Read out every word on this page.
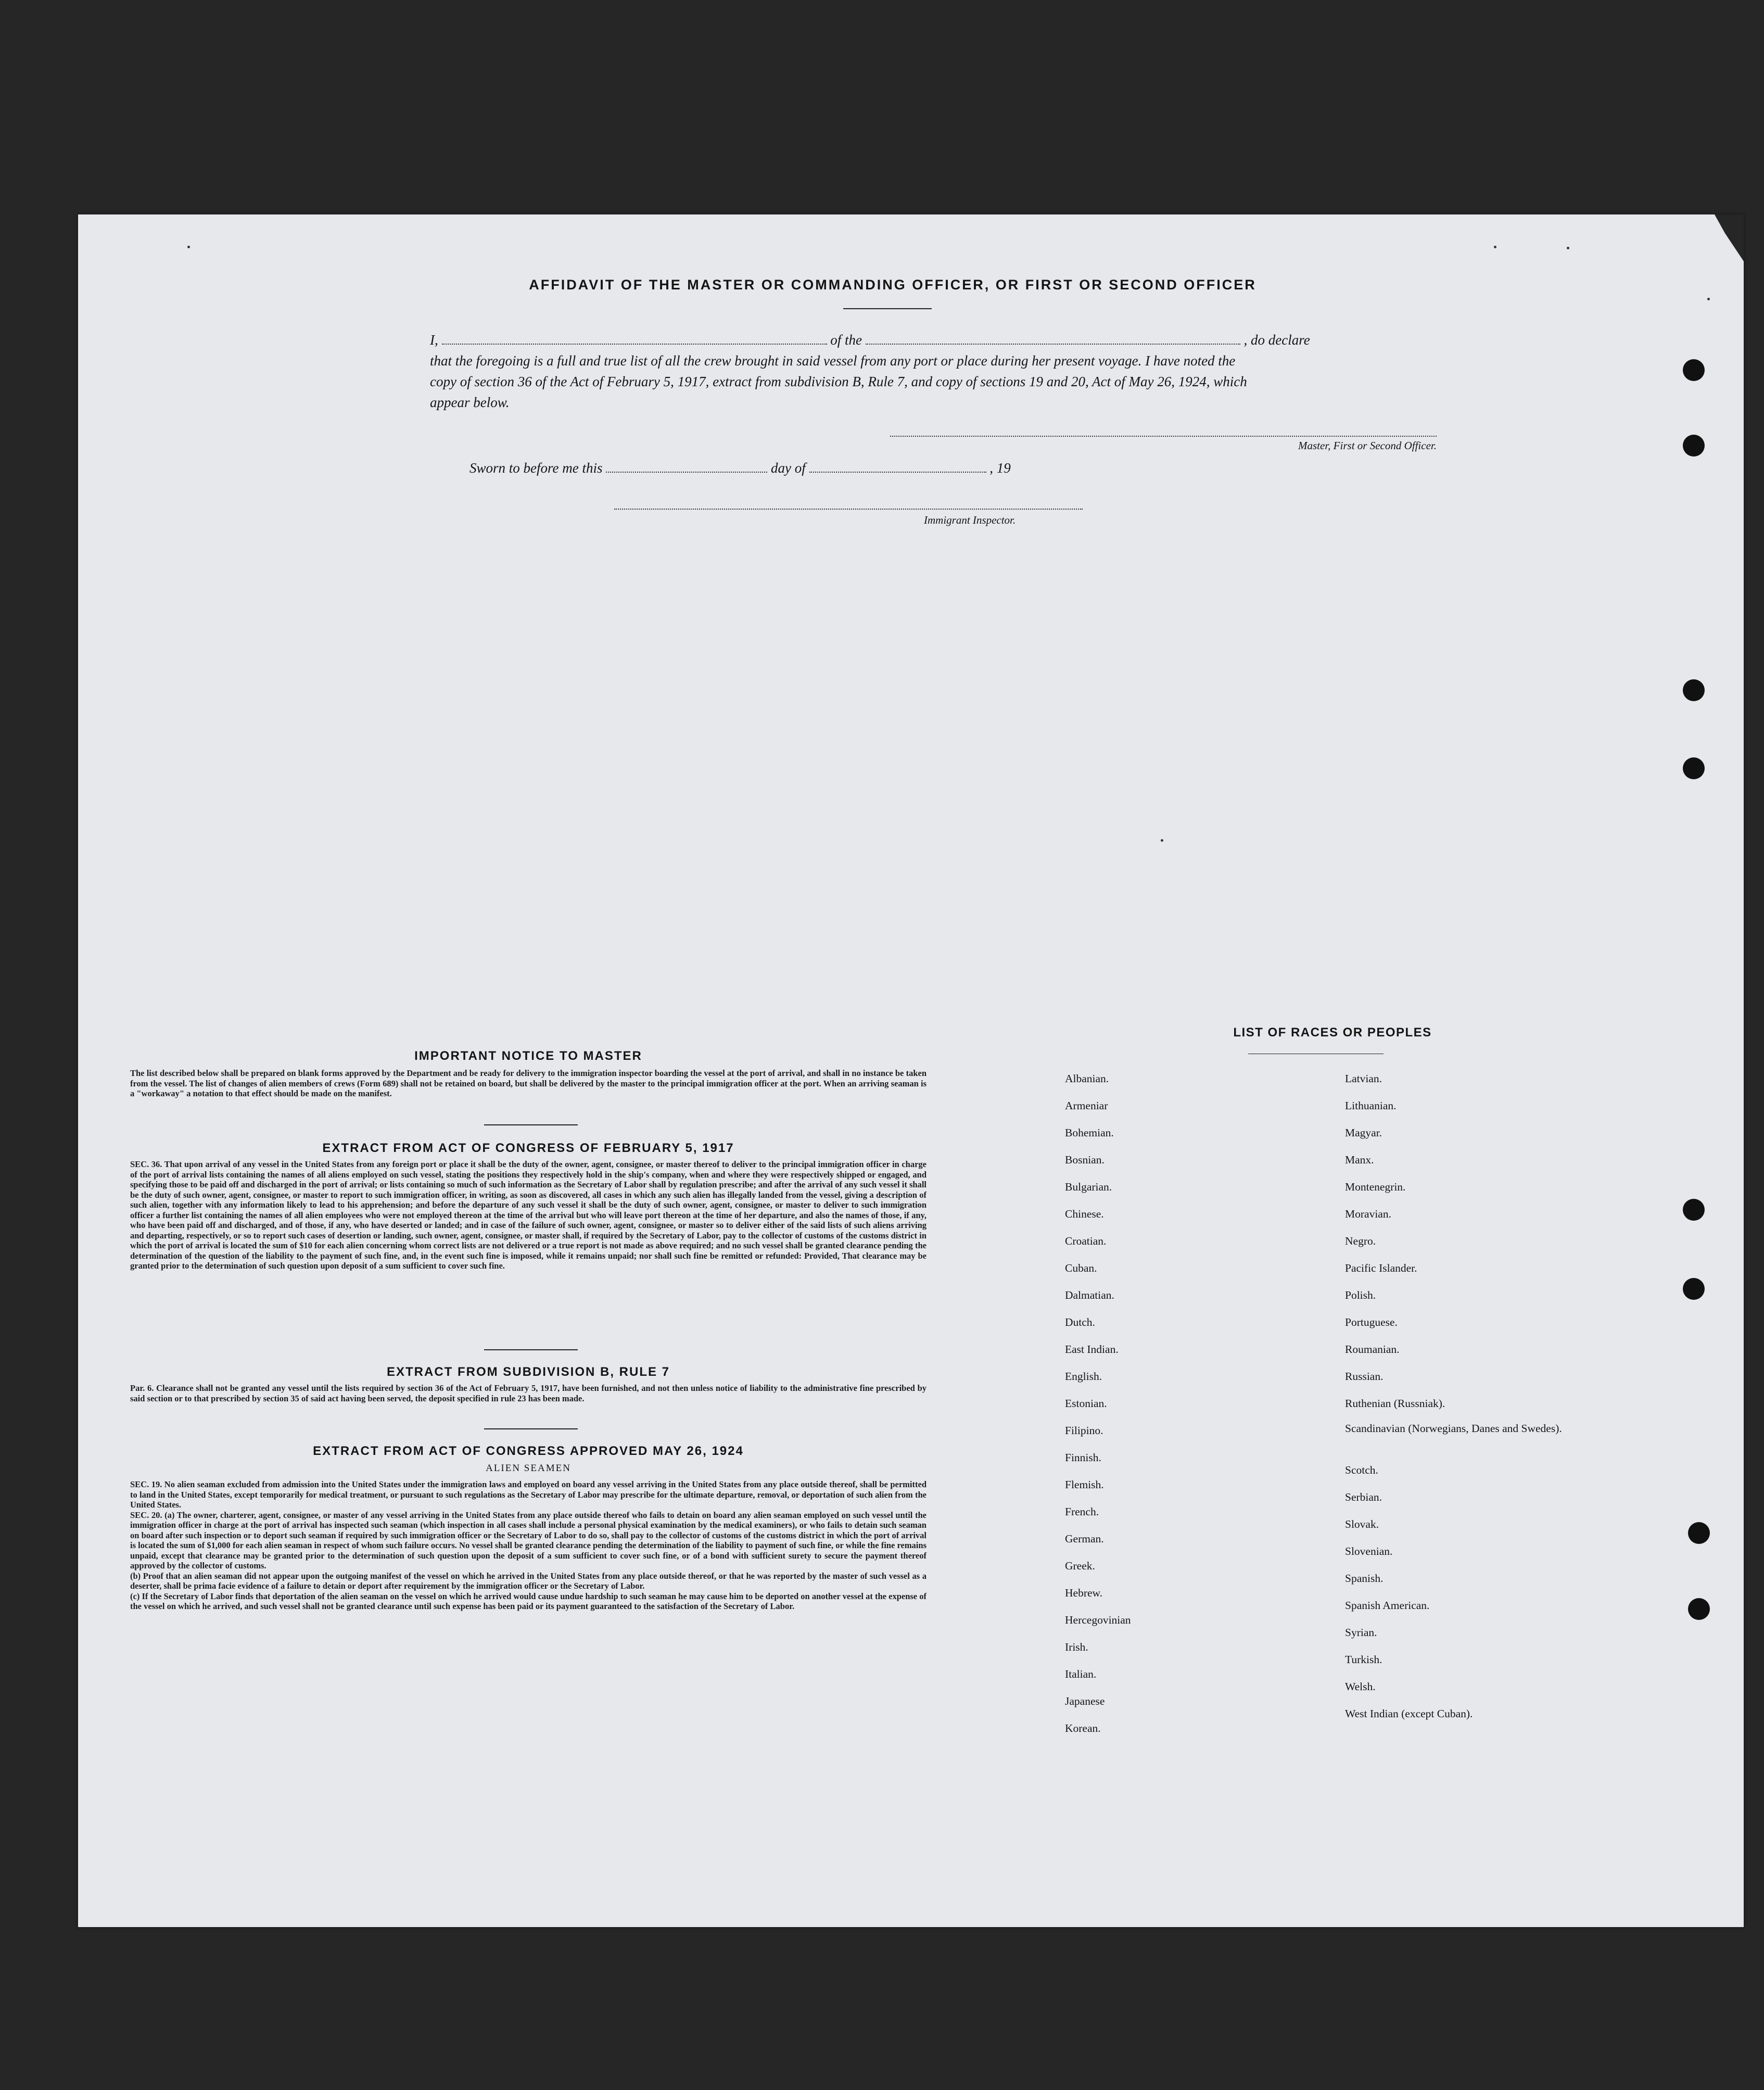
AFFIDAVIT OF THE MASTER OR COMMANDING OFFICER, OR FIRST OR SECOND OFFICER
I,	of the	, do declare
that the foregoing is a full and true list of all the crew brought in said vessel from any port or place during her present voyage. I have noted the
copy of section 36 of the Act of February 5, 1917, extract from subdivision B, Rule 7, and copy of sections 19 and 20, Act of May 26, 1924, which
appear below.
Master, First or Second Officer.
Sworn to before me this	day of	, 19
Immigrant Inspector.
IMPORTANT NOTICE TO MASTER
The list described below shall be prepared on blank forms approved by the Department and be ready for delivery to the immigration inspector boarding the vessel at the port of arrival, and shall in no instance be taken from the vessel. The list of changes of alien members of crews (Form 689) shall not be retained on board, but shall be delivered by the master to the principal immigration officer at the port. When an arriving seaman is a "workaway" a notation to that effect should be made on the manifest.
EXTRACT FROM ACT OF CONGRESS OF FEBRUARY 5, 1917
SEC. 36. That upon arrival of any vessel in the United States from any foreign port or place it shall be the duty of the owner, agent, consignee, or master thereof to deliver to the principal immigration officer in charge of the port of arrival lists containing the names of all aliens employed on such vessel, stating the positions they respectively hold in the ship's company, when and where they were respectively shipped or engaged, and specifying those to be paid off and discharged in the port of arrival; or lists containing so much of such information as the Secretary of Labor shall by regulation prescribe; and after the arrival of any such vessel it shall be the duty of such owner, agent, consignee, or master to report to such immigration officer, in writing, as soon as discovered, all cases in which any such alien has illegally landed from the vessel, giving a description of such alien, together with any information likely to lead to his apprehension; and before the departure of any such vessel it shall be the duty of such owner, agent, consignee, or master to deliver to such immigration officer a further list containing the names of all alien employees who were not employed thereon at the time of the arrival but who will leave port thereon at the time of her departure, and also the names of those, if any, who have been paid off and discharged, and of those, if any, who have deserted or landed; and in case of the failure of such owner, agent, consignee, or master so to deliver either of the said lists of such aliens arriving and departing, respectively, or so to report such cases of desertion or landing, such owner, agent, consignee, or master shall, if required by the Secretary of Labor, pay to the collector of customs of the customs district in which the port of arrival is located the sum of $10 for each alien concerning whom correct lists are not delivered or a true report is not made as above required; and no such vessel shall be granted clearance pending the determination of the question of the liability to the payment of such fine, and, in the event such fine is imposed, while it remains unpaid; nor shall such fine be remitted or refunded: Provided, That clearance may be granted prior to the determination of such question upon deposit of a sum sufficient to cover such fine.
EXTRACT FROM SUBDIVISION B, RULE 7
Par. 6. Clearance shall not be granted any vessel until the lists required by section 36 of the Act of February 5, 1917, have been furnished, and not then unless notice of liability to the administrative fine prescribed by said section or to that prescribed by section 35 of said act having been served, the deposit specified in rule 23 has been made.
EXTRACT FROM ACT OF CONGRESS APPROVED MAY 26, 1924
ALIEN SEAMEN
SEC. 19. No alien seaman excluded from admission into the United States under the immigration laws and employed on board any vessel arriving in the United States from any place outside thereof, shall be permitted to land in the United States, except temporarily for medical treatment, or pursuant to such regulations as the Secretary of Labor may prescribe for the ultimate departure, removal, or deportation of such alien from the United States.
SEC. 20. (a) The owner, charterer, agent, consignee, or master of any vessel arriving in the United States from any place outside thereof who fails to detain on board any alien seaman employed on such vessel until the immigration officer in charge at the port of arrival has inspected such seaman (which inspection in all cases shall include a personal physical examination by the medical examiners), or who fails to detain such seaman on board after such inspection or to deport such seaman if required by such immigration officer or the Secretary of Labor to do so, shall pay to the collector of customs of the customs district in which the port of arrival is located the sum of $1,000 for each alien seaman in respect of whom such failure occurs. No vessel shall be granted clearance pending the determination of the liability to payment of such fine, or while the fine remains unpaid, except that clearance may be granted prior to the determination of such question upon the deposit of a sum sufficient to cover such fine, or of a bond with sufficient surety to secure the payment thereof approved by the collector of customs.
(b) Proof that an alien seaman did not appear upon the outgoing manifest of the vessel on which he arrived in the United States from any place outside thereof, or that he was reported by the master of such vessel as a deserter, shall be prima facie evidence of a failure to detain or deport after requirement by the immigration officer or the Secretary of Labor.
(c) If the Secretary of Labor finds that deportation of the alien seaman on the vessel on which he arrived would cause undue hardship to such seaman he may cause him to be deported on another vessel at the expense of the vessel on which he arrived, and such vessel shall not be granted clearance until such expense has been paid or its payment guaranteed to the satisfaction of the Secretary of Labor.
LIST OF RACES OR PEOPLES
Albanian.
Armeniar
Bohemian.
Bosnian.
Bulgarian.
Chinese.
Croatian.
Cuban.
Dalmatian.
Dutch.
East Indian.
English.
Estonian.
Filipino.
Finnish.
Flemish.
French.
German.
Greek.
Hebrew.
Hercegovinian
Irish.
Italian.
Japanese
Korean.
Latvian.
Lithuanian.
Magyar.
Manx.
Montenegrin.
Moravian.
Negro.
Pacific Islander.
Polish.
Portuguese.
Roumanian.
Russian.
Ruthenian (Russniak).
Scandinavian (Norwegians, Danes and Swedes).
Scotch.
Serbian.
Slovak.
Slovenian.
Spanish.
Spanish American.
Syrian.
Turkish.
Welsh.
West Indian (except Cuban).
